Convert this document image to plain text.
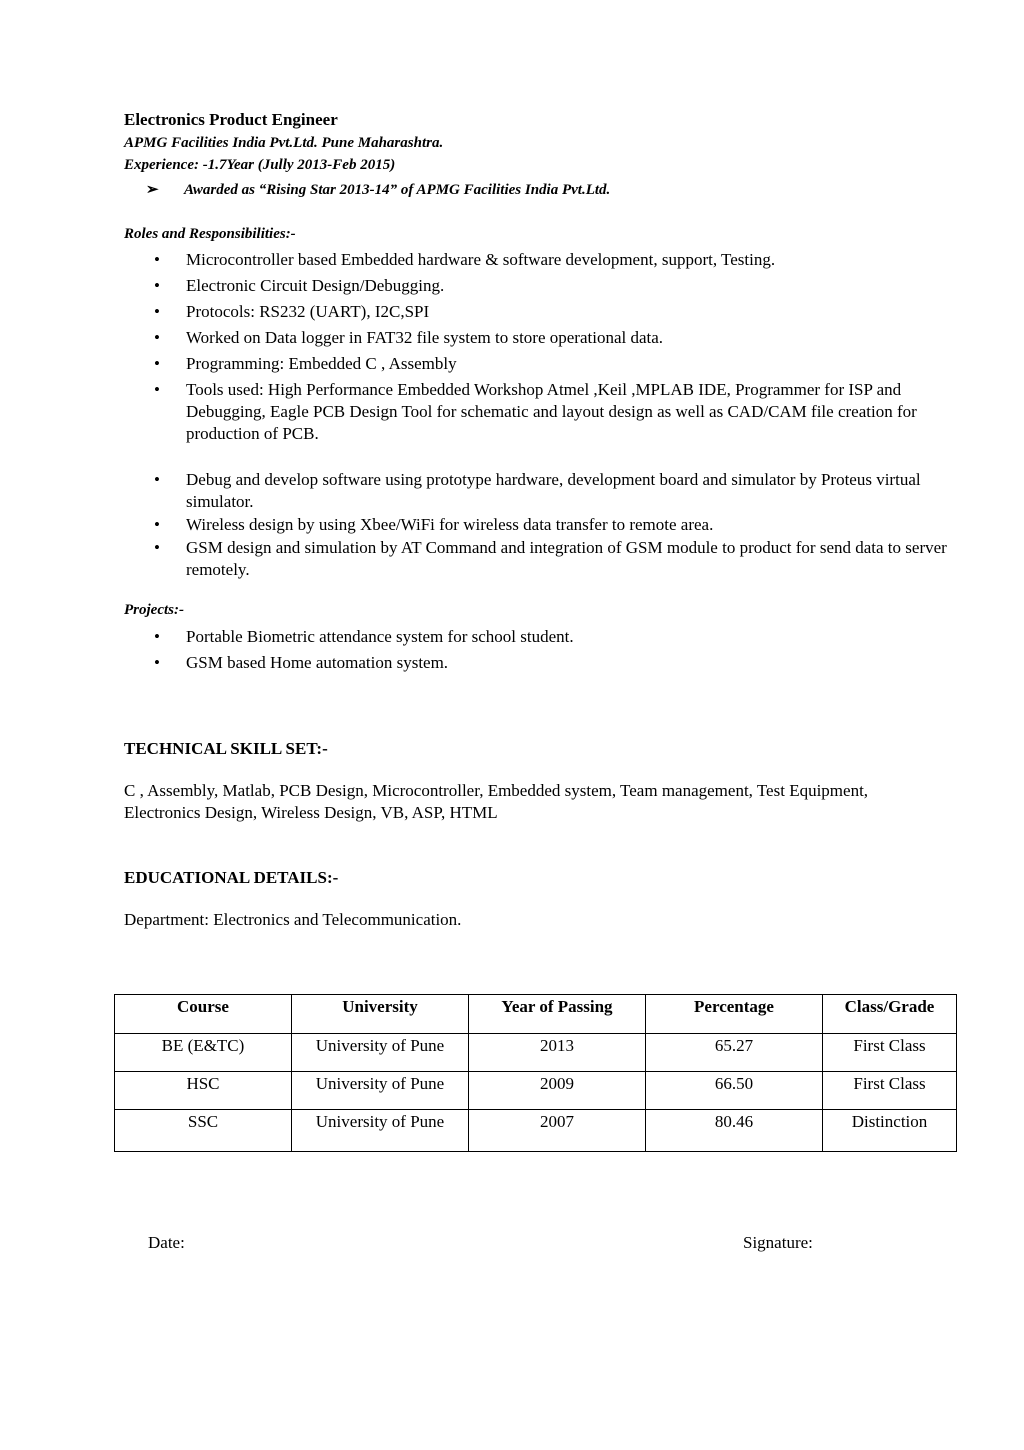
Electronics Product Engineer
APMG Facilities India Pvt.Ltd. Pune Maharashtra.
Experience: -1.7Year (Jully 2013-Feb 2015)
➢ Awarded as “Rising Star 2013-14” of APMG Facilities India Pvt.Ltd.
Roles and Responsibilities:-
• Microcontroller based Embedded hardware & software development, support, Testing.
• Electronic Circuit Design/Debugging.
• Protocols: RS232 (UART), I2C,SPI
• Worked on Data logger in FAT32 file system to store operational data.
• Programming: Embedded C , Assembly
• Tools used: High Performance Embedded Workshop Atmel ,Keil ,MPLAB IDE, Programmer for ISP and Debugging, Eagle PCB Design Tool for schematic and layout design as well as CAD/CAM file creation for production of PCB.
• Debug and develop software using prototype hardware, development board and simulator by Proteus virtual simulator.
• Wireless design by using Xbee/WiFi for wireless data transfer to remote area.
• GSM design and simulation by AT Command and integration of GSM module to product for send data to server remotely.
Projects:-
• Portable Biometric attendance system for school student.
• GSM based Home automation system.
TECHNICAL SKILL SET:-
C , Assembly, Matlab, PCB Design, Microcontroller, Embedded system, Team management, Test Equipment, Electronics Design, Wireless Design, VB, ASP, HTML
EDUCATIONAL DETAILS:-
Department: Electronics and Telecommunication.
Course	University	Year of Passing	Percentage	Class/Grade
BE (E&TC)	University of Pune	2013	65.27	First Class
HSC	University of Pune	2009	66.50	First Class
SSC	University of Pune	2007	80.46	Distinction
Date:	Signature:
